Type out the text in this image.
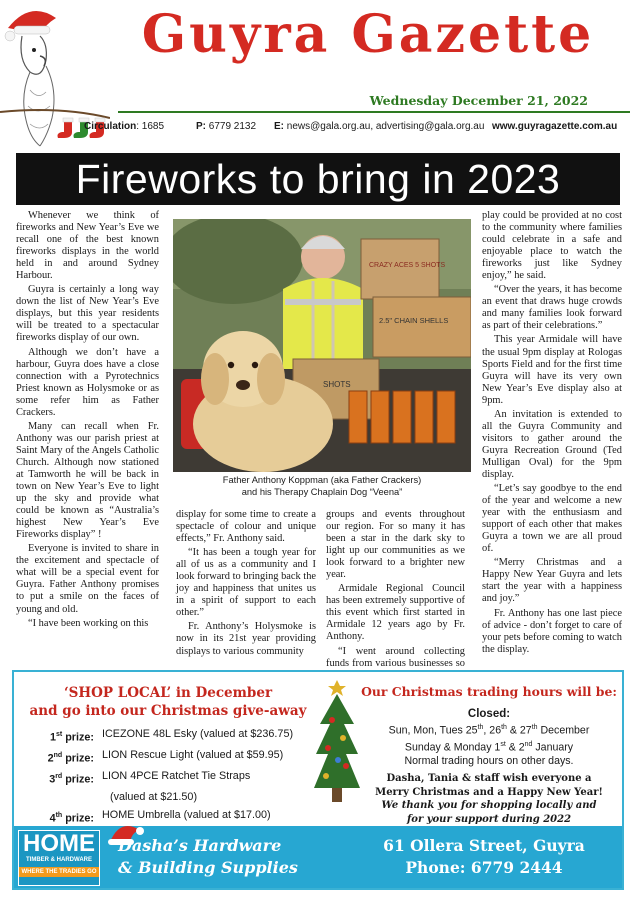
Guyra Gazette
Wednesday December 21, 2022
Circulation: 1685	P: 6779 2132 E: news@gala.org.au, advertising@gala.org.au www.guyragazette.com.au
Fireworks to bring in 2023

Whenever we think of fireworks and New Year’s Eve we recall one of the best known fireworks displays in the world held in and around Sydney Harbour.

Guyra is certainly a long way down the list of New Year’s Eve displays, but this year residents will be treated to a spectacular fireworks display of our own.

Although we don’t have a harbour, Guyra does have a close connection with a Pyrotechnics Priest known as Holysmoke or as some refer him as Father Crackers.

Many can recall when Fr. Anthony was our parish priest at Saint Mary of the Angels Catholic Church. Although now stationed at Tamworth he will be back in town on New Year’s Eve to light up the sky and provide what could be known as “Australia’s highest New Year’s Eve Fireworks display” !

Everyone is invited to share in the excitement and spectacle of what will be a special event for Guyra. Father Anthony promises to put a smile on the faces of young and old.

“I have been working on this

CRAZY ACES 5 SHOTS
2.5" CHAIN SHELLS
SHOTS
Father Anthony Koppman (aka Father Crackers)
and his Therapy Chaplain Dog “Veena”

display for some time to create a spectacle of colour and unique effects,” Fr. Anthony said.

“It has been a tough year for all of us as a community and I look forward to bringing back the joy and happiness that unites us in a spirit of support to each other.”

Fr. Anthony’s Holysmoke is now in its 21st year providing displays to various community

groups and events throughout our region. For so many it has been a star in the dark sky to light up our communities as we look forward to a brighter new year.

Armidale Regional Council has been extremely supportive of this event which first started in Armidale 12 years ago by Fr. Anthony.

“I went around collecting funds from various businesses so

play could be provided at no cost to the community where families could celebrate in a safe and enjoyable place to watch the fireworks just like Sydney enjoy,” he said.

“Over the years, it has become an event that draws huge crowds and many families look forward as part of their celebrations.”

This year Armidale will have the usual 9pm display at Rologas Sports Field and for the first time Guyra will have its very own New Year’s Eve display also at 9pm.

An invitation is extended to all the Guyra Community and visitors to gather around the Guyra Recreation Ground (Ted Mulligan Oval) for the 9pm display.

“Let’s say goodbye to the end of the year and welcome a new year with the enthusiasm and support of each other that makes Guyra a town we are all proud of.

“Merry Christmas and a Happy New Year Guyra and lets start the year with a happiness and joy.”

Fr. Anthony has one last piece of advice - don’t forget to care of your pets before coming to watch the display.

‘SHOP LOCAL’ in December
and go into our Christmas give-away
1st prize: ICEZONE 48L Esky (valued at $236.75)
2nd prize: LION Rescue Light (valued at $59.95)
3rd prize: LION 4PCE Ratchet Tie Straps
(valued at $21.50)
4th prize: HOME Umbrella (valued at $17.00)
Our Christmas trading hours will be:
Closed:
Sun, Mon, Tues 25th, 26th & 27th December
Sunday & Monday 1st & 2nd January
Normal trading hours on other days.
Dasha, Tania & staff wish everyone a
Merry Christmas and a Happy New Year!
We thank you for shopping locally and
for your support during 2022
HOME
TIMBER & HARDWARE
WHERE THE TRADIES GO
Dasha’s Hardware
& Building Supplies
61 Ollera Street, Guyra
Phone: 6779 2444
